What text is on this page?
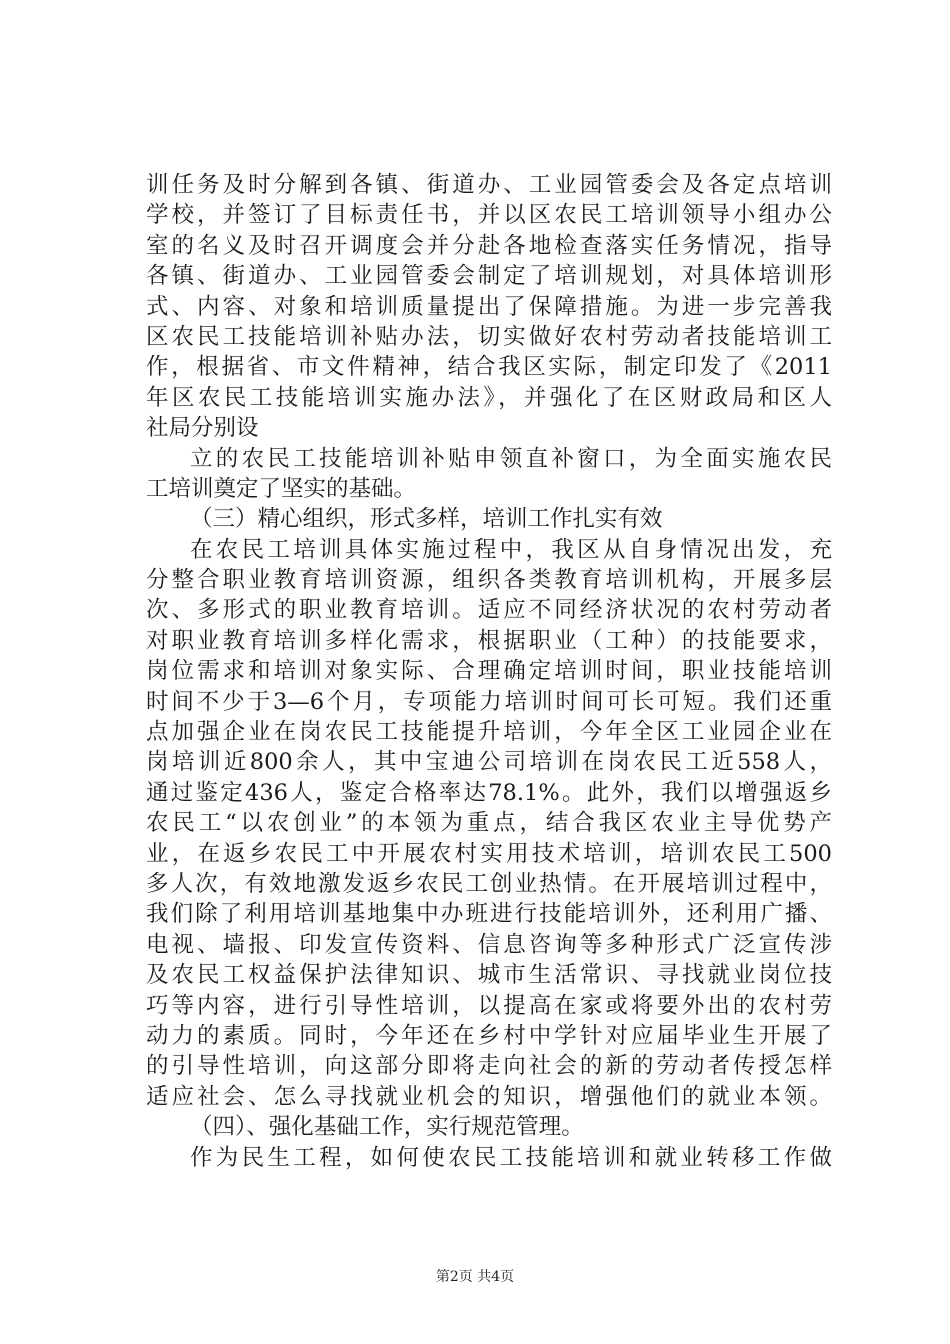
训任务及时分解到各镇、街道办、工业园管委会及各定点培训
学校，并签订了目标责任书，并以区农民工培训领导小组办公
室的名义及时召开调度会并分赴各地检查落实任务情况，指导
各镇、街道办、工业园管委会制定了培训规划，对具体培训形
式、内容、对象和培训质量提出了保障措施。为进一步完善我
区农民工技能培训补贴办法，切实做好农村劳动者技能培训工
作，根据省、市文件精神，结合我区实际，制定印发了《2011
年区农民工技能培训实施办法》，并强化了在区财政局和区人
社局分别设
立的农民工技能培训补贴申领直补窗口，为全面实施农民
工培训奠定了坚实的基础。
（三）精心组织，形式多样，培训工作扎实有效
在农民工培训具体实施过程中，我区从自身情况出发，充
分整合职业教育培训资源，组织各类教育培训机构，开展多层
次、多形式的职业教育培训。适应不同经济状况的农村劳动者
对职业教育培训多样化需求，根据职业（工种）的技能要求，
岗位需求和培训对象实际、合理确定培训时间，职业技能培训
时间不少于3—6个月，专项能力培训时间可长可短。我们还重
点加强企业在岗农民工技能提升培训，今年全区工业园企业在
岗培训近800余人，其中宝迪公司培训在岗农民工近558人，
通过鉴定436人，鉴定合格率达78.1%。此外，我们以增强返乡
农民工“以农创业”的本领为重点，结合我区农业主导优势产
业，在返乡农民工中开展农村实用技术培训，培训农民工500
多人次，有效地激发返乡农民工创业热情。在开展培训过程中，
我们除了利用培训基地集中办班进行技能培训外，还利用广播、
电视、墙报、印发宣传资料、信息咨询等多种形式广泛宣传涉
及农民工权益保护法律知识、城市生活常识、寻找就业岗位技
巧等内容，进行引导性培训，以提高在家或将要外出的农村劳
动力的素质。同时，今年还在乡村中学针对应届毕业生开展了
的引导性培训，向这部分即将走向社会的新的劳动者传授怎样
适应社会、怎么寻找就业机会的知识，增强他们的就业本领。
（四）、强化基础工作，实行规范管理。
作为民生工程，如何使农民工技能培训和就业转移工作做
第2页 共4页
